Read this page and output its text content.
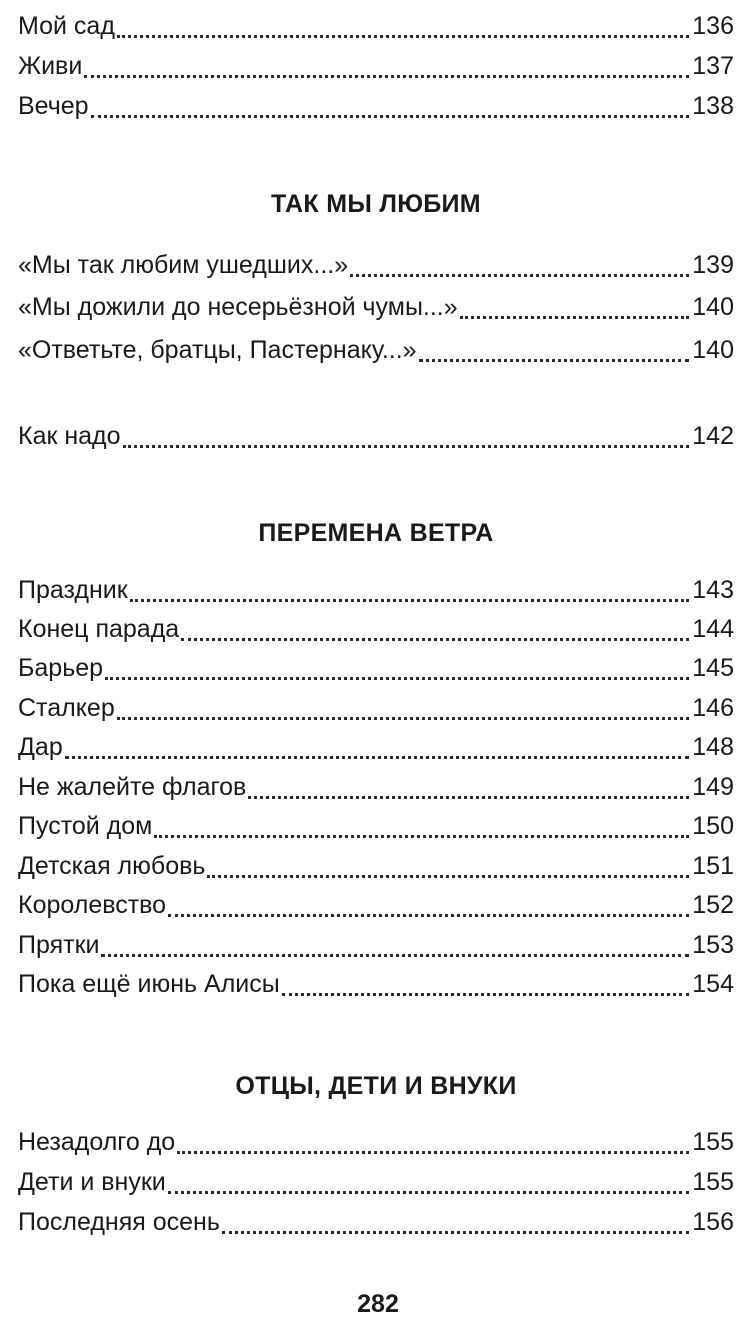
Мой сад	136
Живи	137
Вечер	138
ТАК МЫ ЛЮБИМ
«Мы так любим ушедших...»	139
«Мы дожили до несерьёзной чумы...»	140
«Ответьте, братцы, Пастернаку...»	140
Как надо	142
ПЕРЕМЕНА ВЕТРА
Праздник	143
Конец парада	144
Барьер	145
Сталкер	146
Дар	148
Не жалейте флагов	149
Пустой дом	150
Детская любовь	151
Королевство	152
Прятки	153
Пока ещё июнь Алисы	154
ОТЦЫ, ДЕТИ И ВНУКИ
Незадолго до	155
Дети и внуки	155
Последняя осень	156
282
